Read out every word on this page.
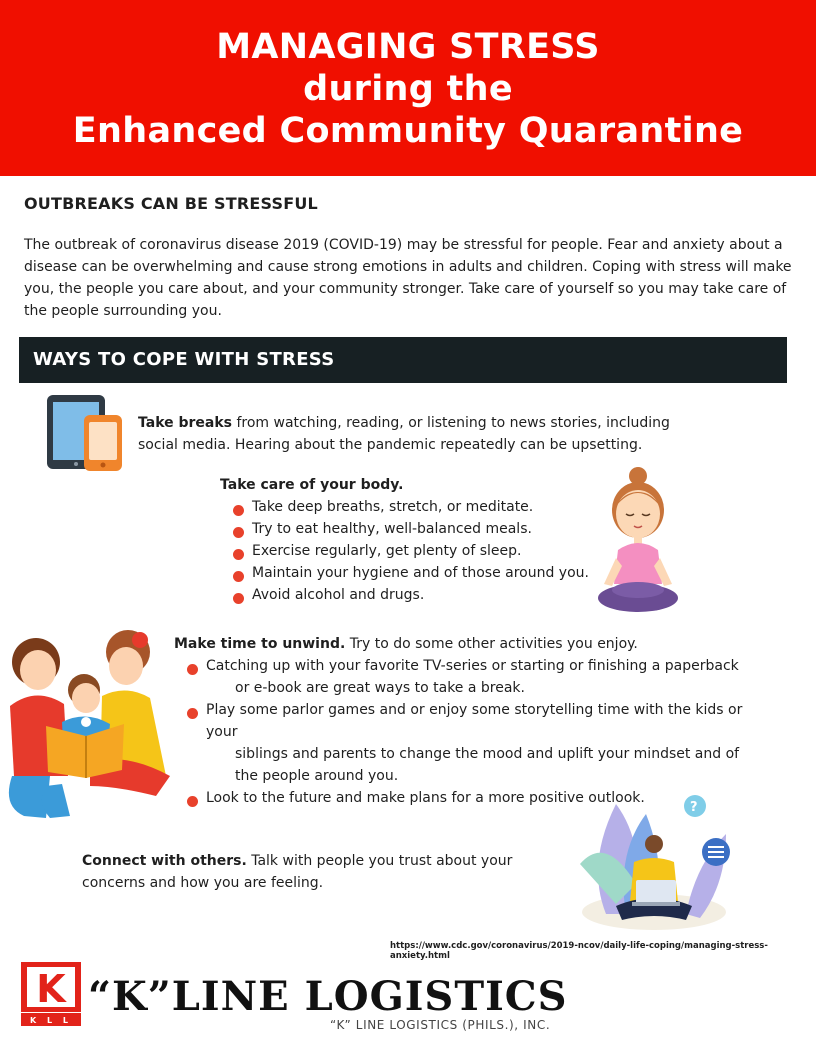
MANAGING STRESS
during the
Enhanced Community Quarantine
OUTBREAKS CAN BE STRESSFUL

The outbreak of coronavirus disease 2019 (COVID-19) may be stressful for people. Fear and anxiety about a disease can be overwhelming and cause strong emotions in adults and children. Coping with stress will make you, the people you care about, and your community stronger. Take care of yourself so you may take care of the people surrounding you.

WAYS TO COPE WITH STRESS

Take breaks from watching, reading, or listening to news stories, including social media. Hearing about the pandemic repeatedly can be upsetting.

Take care of your body.
Take deep breaths, stretch, or meditate.
Try to eat healthy, well-balanced meals.
Exercise regularly, get plenty of sleep.
Maintain your hygiene and of those around you.
Avoid alcohol and drugs.
Make time to unwind. Try to do some other activities you enjoy.
Catching up with your favorite TV-series or starting or finishing a paperback
or e-book are great ways to take a break.
Play some parlor games and or enjoy some storytelling time with the kids or your
siblings and parents to change the mood and uplift your mindset and of the people around you.
Look to the future and make plans for a more positive outlook.
?

Connect with others. Talk with people you trust about your concerns and how you are feeling.

https://www.cdc.gov/coronavirus/2019-ncov/daily-life-coping/managing-stress-anxiety.html
K
K L L
“K”LINE LOGISTICS
“K” LINE LOGISTICS (PHILS.), INC.
